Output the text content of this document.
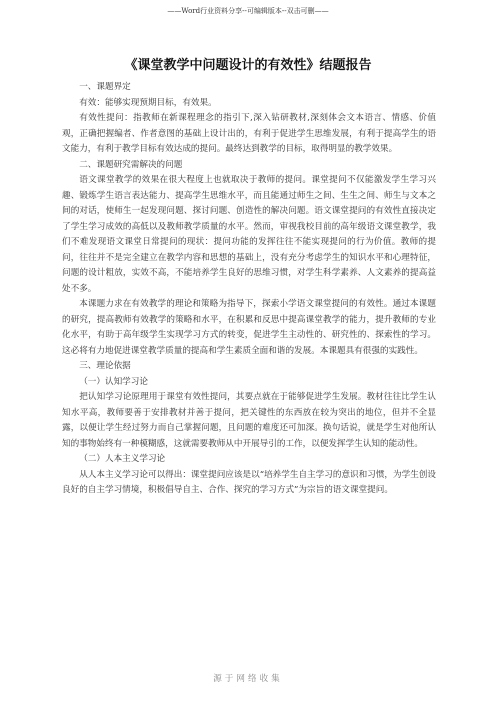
——Word行业资料分享--可编辑版本--双击可删——
《课堂教学中问题设计的有效性》结题报告

一、课题界定

有效：能够实现预期目标，有效果。

有效性提问：指教师在新课程理念的指引下,深入钻研教材,深刻体会文本语言、情感、价值观，正确把握编者、作者意图的基础上设计出的，有利于促进学生思维发展，有利于提高学生的语文能力，有利于教学目标有效达成的提问。最终达到教学的目标，取得明显的教学效果。

二、课题研究需解决的问题

语文课堂教学的效果在很大程度上也就取决于教师的提问。课堂提问不仅能激发学生学习兴趣、锻炼学生语言表达能力、提高学生思维水平，而且能通过师生之间、生生之间、师生与文本之间的对话，使师生一起发现问题、探讨问题、创造性的解决问题。语文课堂提问的有效性直接决定了学生学习成效的高低以及教师教学质量的水平。然而，审视我校目前的高年级语文课堂教学，我们不难发现语文课堂日常提问的现状：提问功能的发挥往往不能实现提问的行为价值。教师的提问，往往并不是完全建立在教学内容和思想的基础上，没有充分考虑学生的知识水平和心理特征，问题的设计粗放，实效不高，不能培养学生良好的思维习惯，对学生科学素养、人文素养的提高益处不多。

本课题力求在有效教学的理论和策略为指导下，探索小学语文课堂提问的有效性。通过本课题的研究，提高教师有效教学的策略和水平，在积累和反思中提高课堂教学的能力，提升教师的专业化水平，有助于高年级学生实现学习方式的转变，促进学生主动性的、研究性的、探索性的学习。这必将有力地促进课堂教学质量的提高和学生素质全面和谐的发展。本课题具有很强的实践性。

三、理论依据

（一）认知学习论

把认知学习论原理用于课堂有效性提问，其要点就在于能够促进学生发展。教材往往比学生认知水平高，教师要善于安排教材并善于提问，把关键性的东西放在较为突出的地位，但并不全显露，以便让学生经过努力而自己掌握问题，且问题的难度还可加深。换句话说，就是学生对他所认知的事物始终有一种模糊感，这就需要教师从中开展导引的工作，以便发挥学生认知的能动性。

（二）人本主义学习论

从人本主义学习论可以得出：课堂提问应该是以“培养学生自主学习的意识和习惯，为学生创设良好的自主学习情境，积极倡导自主、合作、探究的学习方式”为宗旨的语文课堂提问。

源于网络收集
